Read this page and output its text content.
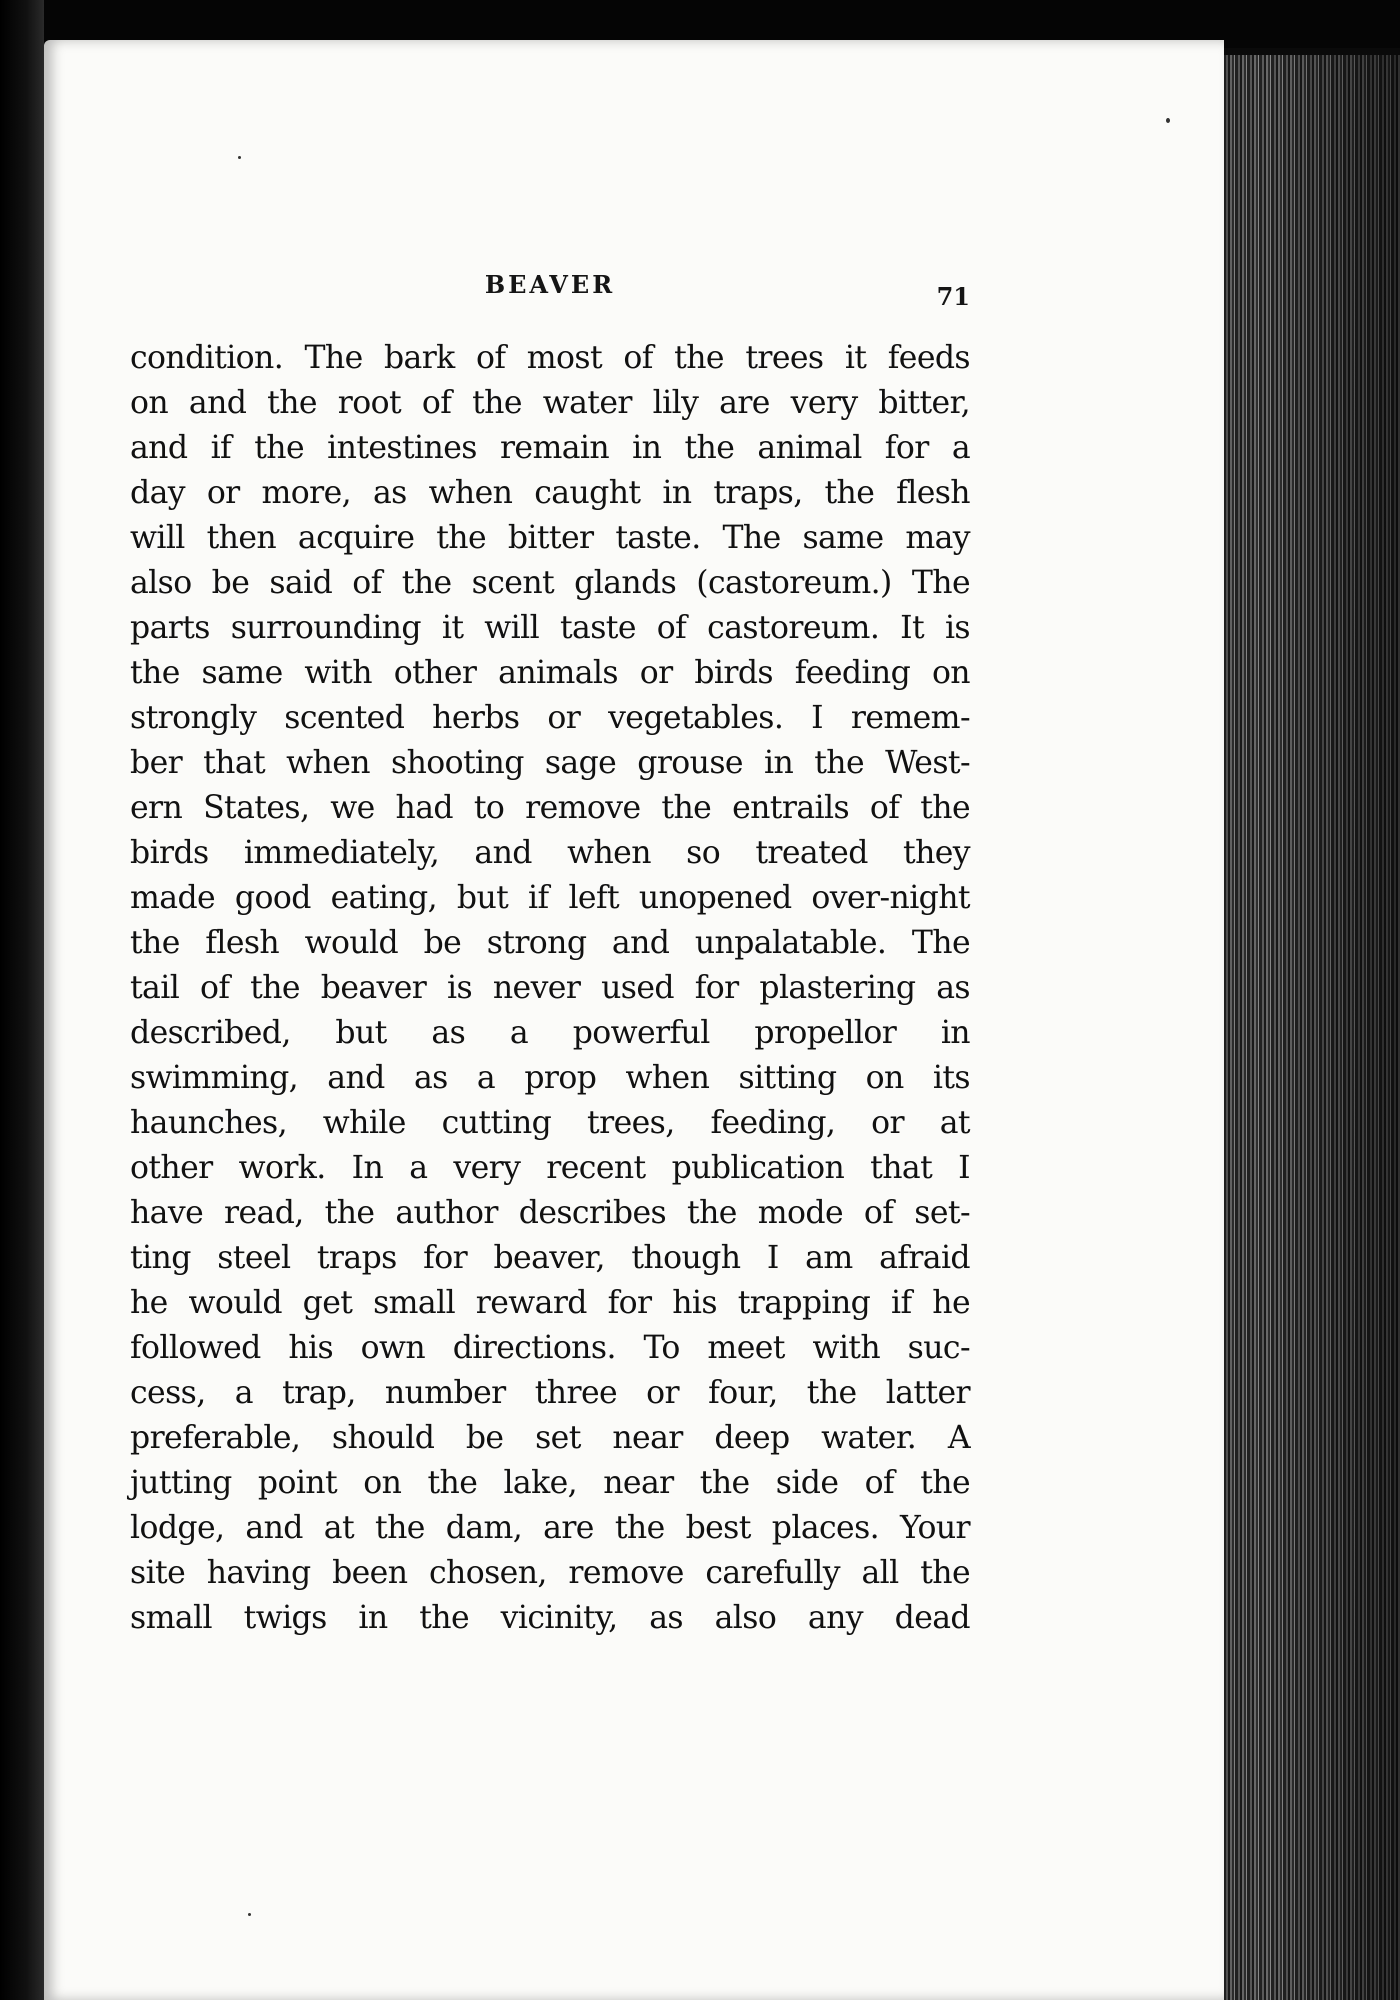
BEAVER	71
condition. The bark of most of the trees it feeds
on and the root of the water lily are very bitter,
and if the intestines remain in the animal for a
day or more, as when caught in traps, the flesh
will then acquire the bitter taste. The same may
also be said of the scent glands (castoreum.) The
parts surrounding it will taste of castoreum. It is
the same with other animals or birds feeding on
strongly scented herbs or vegetables. I remem-
ber that when shooting sage grouse in the West-
ern States, we had to remove the entrails of the
birds immediately, and when so treated they
made good eating, but if left unopened over-night
the flesh would be strong and unpalatable. The
tail of the beaver is never used for plastering as
described, but as a powerful propellor in
swimming, and as a prop when sitting on its
haunches, while cutting trees, feeding, or at
other work. In a very recent publication that I
have read, the author describes the mode of set-
ting steel traps for beaver, though I am afraid
he would get small reward for his trapping if he
followed his own directions. To meet with suc-
cess, a trap, number three or four, the latter
preferable, should be set near deep water. A
jutting point on the lake, near the side of the
lodge, and at the dam, are the best places. Your
site having been chosen, remove carefully all the
small twigs in the vicinity, as also any dead
